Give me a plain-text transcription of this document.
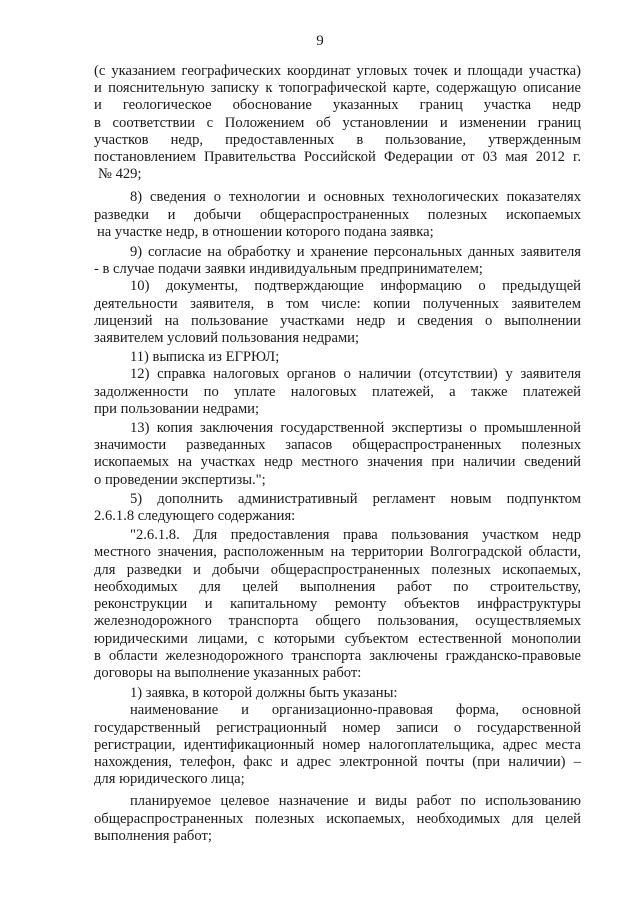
9
(с указанием географических координат угловых точек и площади участка)
и пояснительную записку к топографической карте, содержащую описание
и геологическое обоснование указанных границ участка недр
в соответствии с Положением об установлении и изменении границ
участков недр, предоставленных в пользование, утвержденным
постановлением Правительства Российской Федерации от 03 мая 2012 г.
№ 429;
8) сведения о технологии и основных технологических показателях
разведки и добычи общераспространенных полезных ископаемых
на участке недр, в отношении которого подана заявка;
9) согласие на обработку и хранение персональных данных заявителя
- в случае подачи заявки индивидуальным предпринимателем;
10) документы, подтверждающие информацию о предыдущей
деятельности заявителя, в том числе: копии полученных заявителем
лицензий на пользование участками недр и сведения о выполнении
заявителем условий пользования недрами;
11) выписка из ЕГРЮЛ;
12) справка налоговых органов о наличии (отсутствии) у заявителя
задолженности по уплате налоговых платежей, а также платежей
при пользовании недрами;
13) копия заключения государственной экспертизы о промышленной
значимости разведанных запасов общераспространенных полезных
ископаемых на участках недр местного значения при наличии сведений
о проведении экспертизы.";
5) дополнить административный регламент новым подпунктом
2.6.1.8 следующего содержания:
"2.6.1.8. Для предоставления права пользования участком недр
местного значения, расположенным на территории Волгоградской области,
для разведки и добычи общераспространенных полезных ископаемых,
необходимых для целей выполнения работ по строительству,
реконструкции и капитальному ремонту объектов инфраструктуры
железнодорожного транспорта общего пользования, осуществляемых
юридическими лицами, с которыми субъектом естественной монополии
в области железнодорожного транспорта заключены гражданско-правовые
договоры на выполнение указанных работ:
1) заявка, в которой должны быть указаны:
наименование и организационно-правовая форма, основной
государственный регистрационный номер записи о государственной
регистрации, идентификационный номер налогоплательщика, адрес места
нахождения, телефон, факс и адрес электронной почты (при наличии) –
для юридического лица;
планируемое целевое назначение и виды работ по использованию
общераспространенных полезных ископаемых, необходимых для целей
выполнения работ;
